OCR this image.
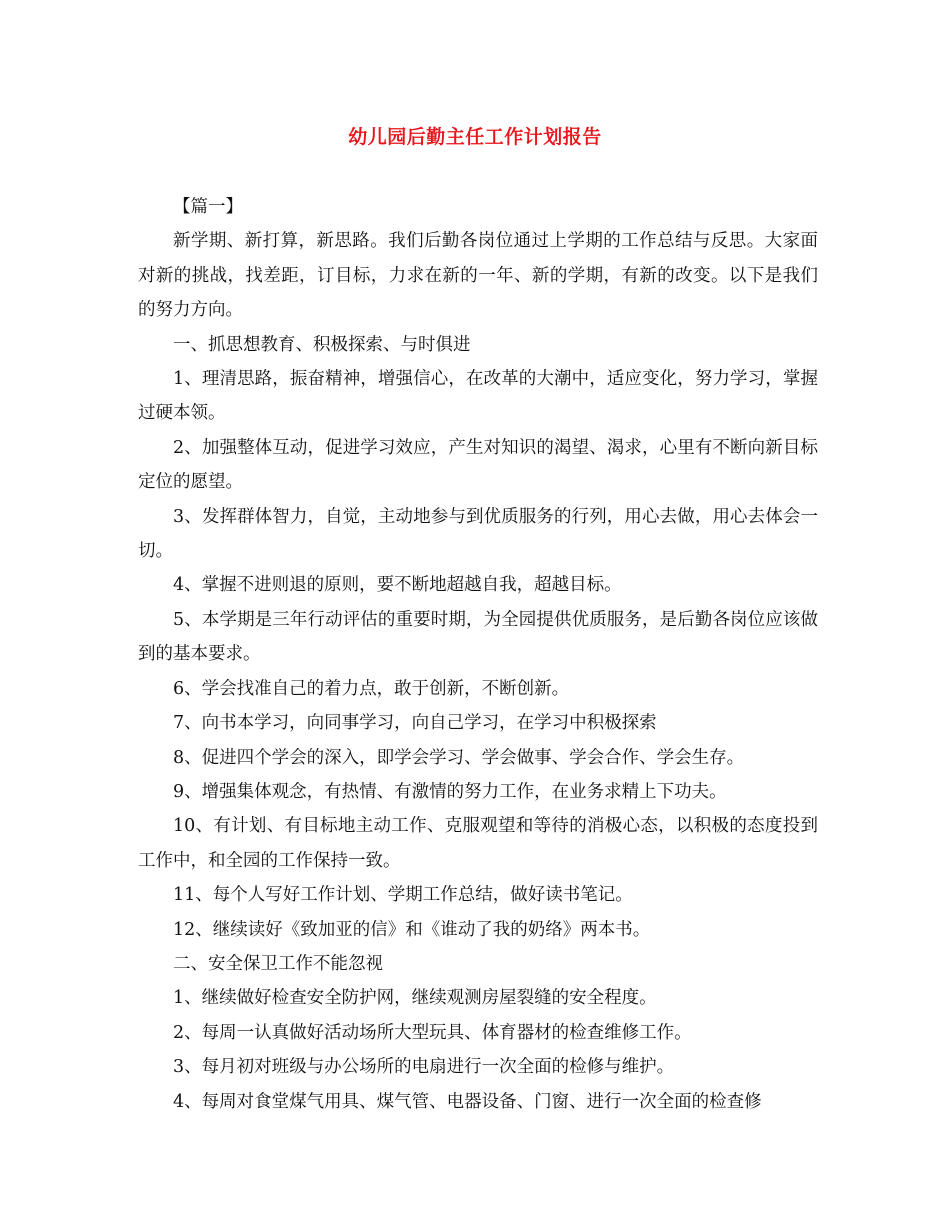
幼儿园后勤主任工作计划报告

【篇一】

新学期、新打算，新思路。我们后勤各岗位通过上学期的工作总结与反思。大家面对新的挑战，找差距，订目标，力求在新的一年、新的学期，有新的改变。以下是我们的努力方向。

一、抓思想教育、积极探索、与时俱进

1、理清思路，振奋精神，增强信心，在改革的大潮中，适应变化，努力学习，掌握过硬本领。

2、加强整体互动，促进学习效应，产生对知识的渴望、渴求，心里有不断向新目标定位的愿望。

3、发挥群体智力，自觉，主动地参与到优质服务的行列，用心去做，用心去体会一切。

4、掌握不进则退的原则，要不断地超越自我，超越目标。

5、本学期是三年行动评估的重要时期，为全园提供优质服务，是后勤各岗位应该做到的基本要求。

6、学会找准自己的着力点，敢于创新，不断创新。

7、向书本学习，向同事学习，向自己学习，在学习中积极探索

8、促进四个学会的深入，即学会学习、学会做事、学会合作、学会生存。

9、增强集体观念，有热情、有激情的努力工作，在业务求精上下功夫。

10、有计划、有目标地主动工作、克服观望和等待的消极心态，以积极的态度投到工作中，和全园的工作保持一致。

11、每个人写好工作计划、学期工作总结，做好读书笔记。

12、继续读好《致加亚的信》和《谁动了我的奶络》两本书。

二、安全保卫工作不能忽视

1、继续做好检查安全防护网，继续观测房屋裂缝的安全程度。

2、每周一认真做好活动场所大型玩具、体育器材的检查维修工作。

3、每月初对班级与办公场所的电扇进行一次全面的检修与维护。

4、每周对食堂煤气用具、煤气管、电器设备、门窗、进行一次全面的检查修
